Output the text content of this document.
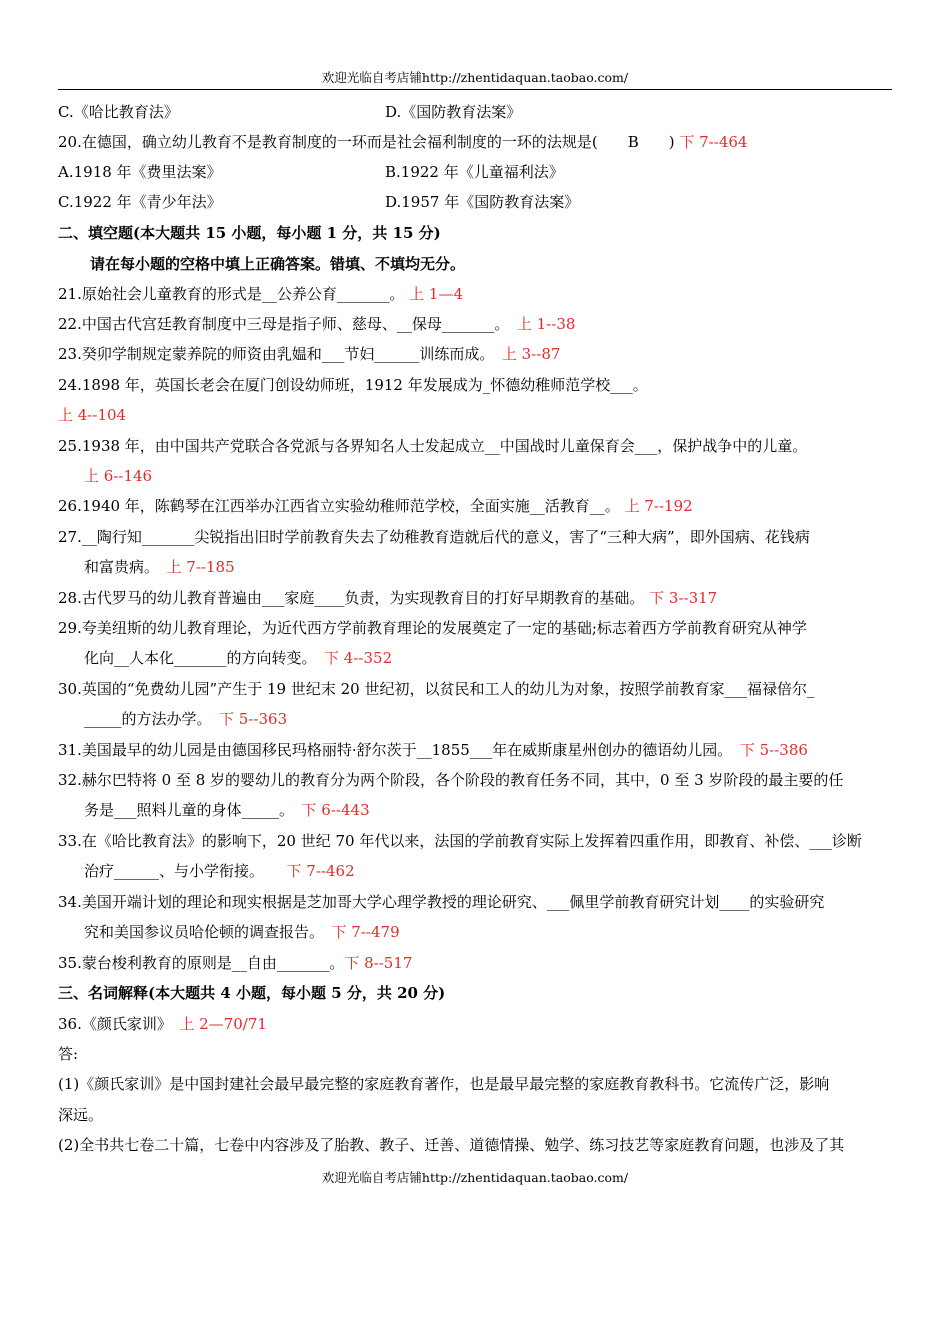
欢迎光临自考店铺http://zhentidaquan.taobao.com/
C.《哈比教育法》	D.《国防教育法案》
20.在德国，确立幼儿教育不是教育制度的一环而是社会福利制度的一环的法规是(　　B　　) 下 7--464
A.1918 年《费里法案》	B.1922 年《儿童福利法》
C.1922 年《青少年法》	D.1957 年《国防教育法案》
二、填空题(本大题共 15 小题，每小题 1 分，共 15 分)
请在每小题的空格中填上正确答案。错填、不填均无分。
21.原始社会儿童教育的形式是__公养公育_______。 上 1—4
22.中国古代宫廷教育制度中三母是指子师、慈母、__保母_______。　 上 1--38
23.癸卯学制规定蒙养院的师资由乳媪和___节妇______训练而成。　 上 3--87
24.1898 年，英国长老会在厦门创设幼师班，1912 年发展成为_怀德幼稚师范学校___。
上 4--104
25.1938 年，由中国共产党联合各党派与各界知名人士发起成立__中国战时儿童保育会___，保护战争中的儿童。
上 6--146
26.1940 年，陈鹤琴在江西举办江西省立实验幼稚师范学校，全面实施__活教育__。 上 7--192
27.__陶行知_______尖锐指出旧时学前教育失去了幼稚教育造就后代的意义，害了“三种大病”，即外国病、花钱病
和富贵病。　 上 7--185
28.古代罗马的幼儿教育普遍由___家庭____负责，为实现教育目的打好早期教育的基础。 下 3--317
29.夸美纽斯的幼儿教育理论，为近代西方学前教育理论的发展奠定了一定的基础;标志着西方学前教育研究从神学
化向__人本化_______的方向转变。　 下 4--352
30.英国的“免费幼儿园”产生于 19 世纪末 20 世纪初，以贫民和工人的幼儿为对象，按照学前教育家___福禄倍尔_
_____的方法办学。　 下 5--363
31.美国最早的幼儿园是由德国移民玛格丽特·舒尔茨于__1855___年在威斯康星州创办的德语幼儿园。　 下 5--386
32.赫尔巴特将 0 至 8 岁的婴幼儿的教育分为两个阶段，各个阶段的教育任务不同，其中，0 至 3 岁阶段的最主要的任
务是___照料儿童的身体_____。　 下 6--443
33.在《哈比教育法》的影响下，20 世纪 70 年代以来，法国的学前教育实际上发挥着四重作用，即教育、补偿、___诊断
治疗______、与小学衔接。　　 下 7--462
34.美国开端计划的理论和现实根据是芝加哥大学心理学教授的理论研究、___佩里学前教育研究计划____的实验研究
究和美国参议员哈伦顿的调查报告。　 下 7--479
35.蒙台梭利教育的原则是__自由_______。下 8--517
三、名词解释(本大题共 4 小题，每小题 5 分，共 20 分)
36.《颜氏家训》　 上 2—70/71
答:
(1)《颜氏家训》是中国封建社会最早最完整的家庭教育著作，也是最早最完整的家庭教育教科书。它流传广泛，影响
深远。
(2)全书共七卷二十篇，七卷中内容涉及了胎教、教子、迁善、道德情操、勉学、练习技艺等家庭教育问题，也涉及了其
欢迎光临自考店铺http://zhentidaquan.taobao.com/
